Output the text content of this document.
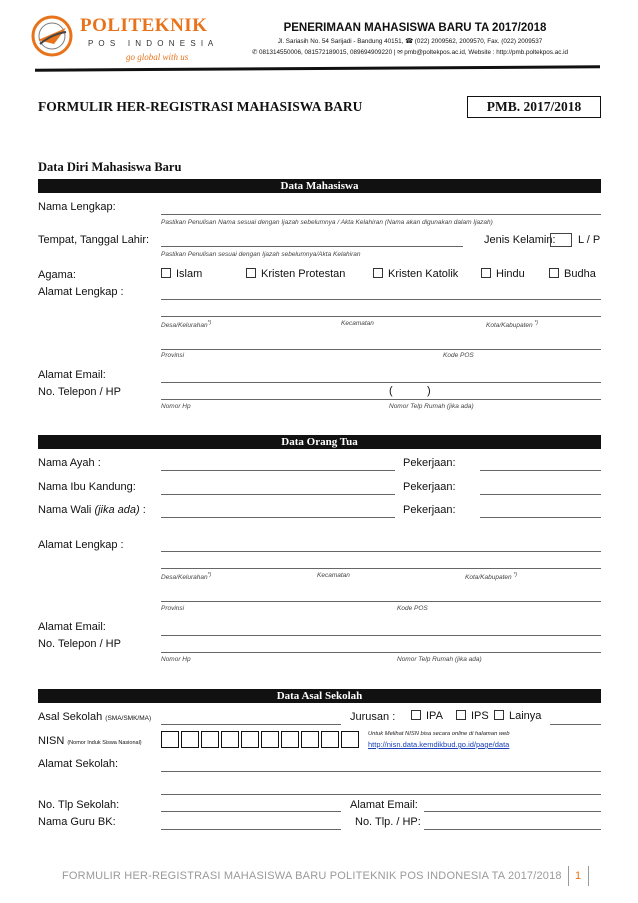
POLITEKNIK
P O S   I N D O N E S I A
go global with us
PENERIMAAN MAHASISWA BARU TA 2017/2018
Jl. Sariasih No. 54 Sarijadi - Bandung 40151, ☎ (022) 2009562, 2009570, Fax. (022) 2009537
✆ 081314550006, 081572189015, 089694909220 | ✉ pmb@poltekpos.ac.id, Website : http://pmb.poltekpos.ac.id
FORMULIR HER-REGISTRASI MAHASISWA BARU	PMB. 2017/2018
Data Diri Mahasiswa Baru
Data Mahasiswa
Nama Lengkap:
Pastikan Penulisan Nama sesuai dengan Ijazah sebelumnya / Akta Kelahiran (Nama akan digunakan dalam Ijazah)
Tempat, Tanggal Lahir:
Pastikan Penulisan sesuai dengan Ijazah sebelumnya/Akta Kelahiran
Jenis Kelamin: L / P
Agama:	Islam	Kristen Protestan	Kristen Katolik	Hindu	Budha
Alamat Lengkap :
Desa/Kelurahan*)	Kecamatan	Kota/Kabupaten *)
Provinsi	Kode POS
Alamat Email:
No. Telepon / HP	(	)
Nomor Hp	Nomor Telp Rumah (jika ada)
Data Orang Tua
Nama Ayah :	Pekerjaan:
Nama Ibu Kandung:	Pekerjaan:
Nama Wali (jika ada) :	Pekerjaan:
Alamat Lengkap :
Desa/Kelurahan*)	Kecamatan	Kota/Kabupaten *)
Provinsi	Kode POS
Alamat Email:
No. Telepon / HP
Nomor Hp	Nomor Telp Rumah (jika ada)
Data Asal Sekolah
Asal Sekolah (SMA/SMK/MA)	Jurusan :	IPA	IPS	Lainya
NISN (Nomor Induk Siswa Nasional)
Untuk Melihat NISN bisa secara online di halaman web
http://nisn.data.kemdikbud.go.id/page/data
Alamat Sekolah:
No. Tlp Sekolah:	Alamat Email:
Nama Guru BK:	No. Tlp. / HP:
FORMULIR HER-REGISTRASI MAHASISWA BARU POLITEKNIK POS INDONESIA TA 2017/2018 1
